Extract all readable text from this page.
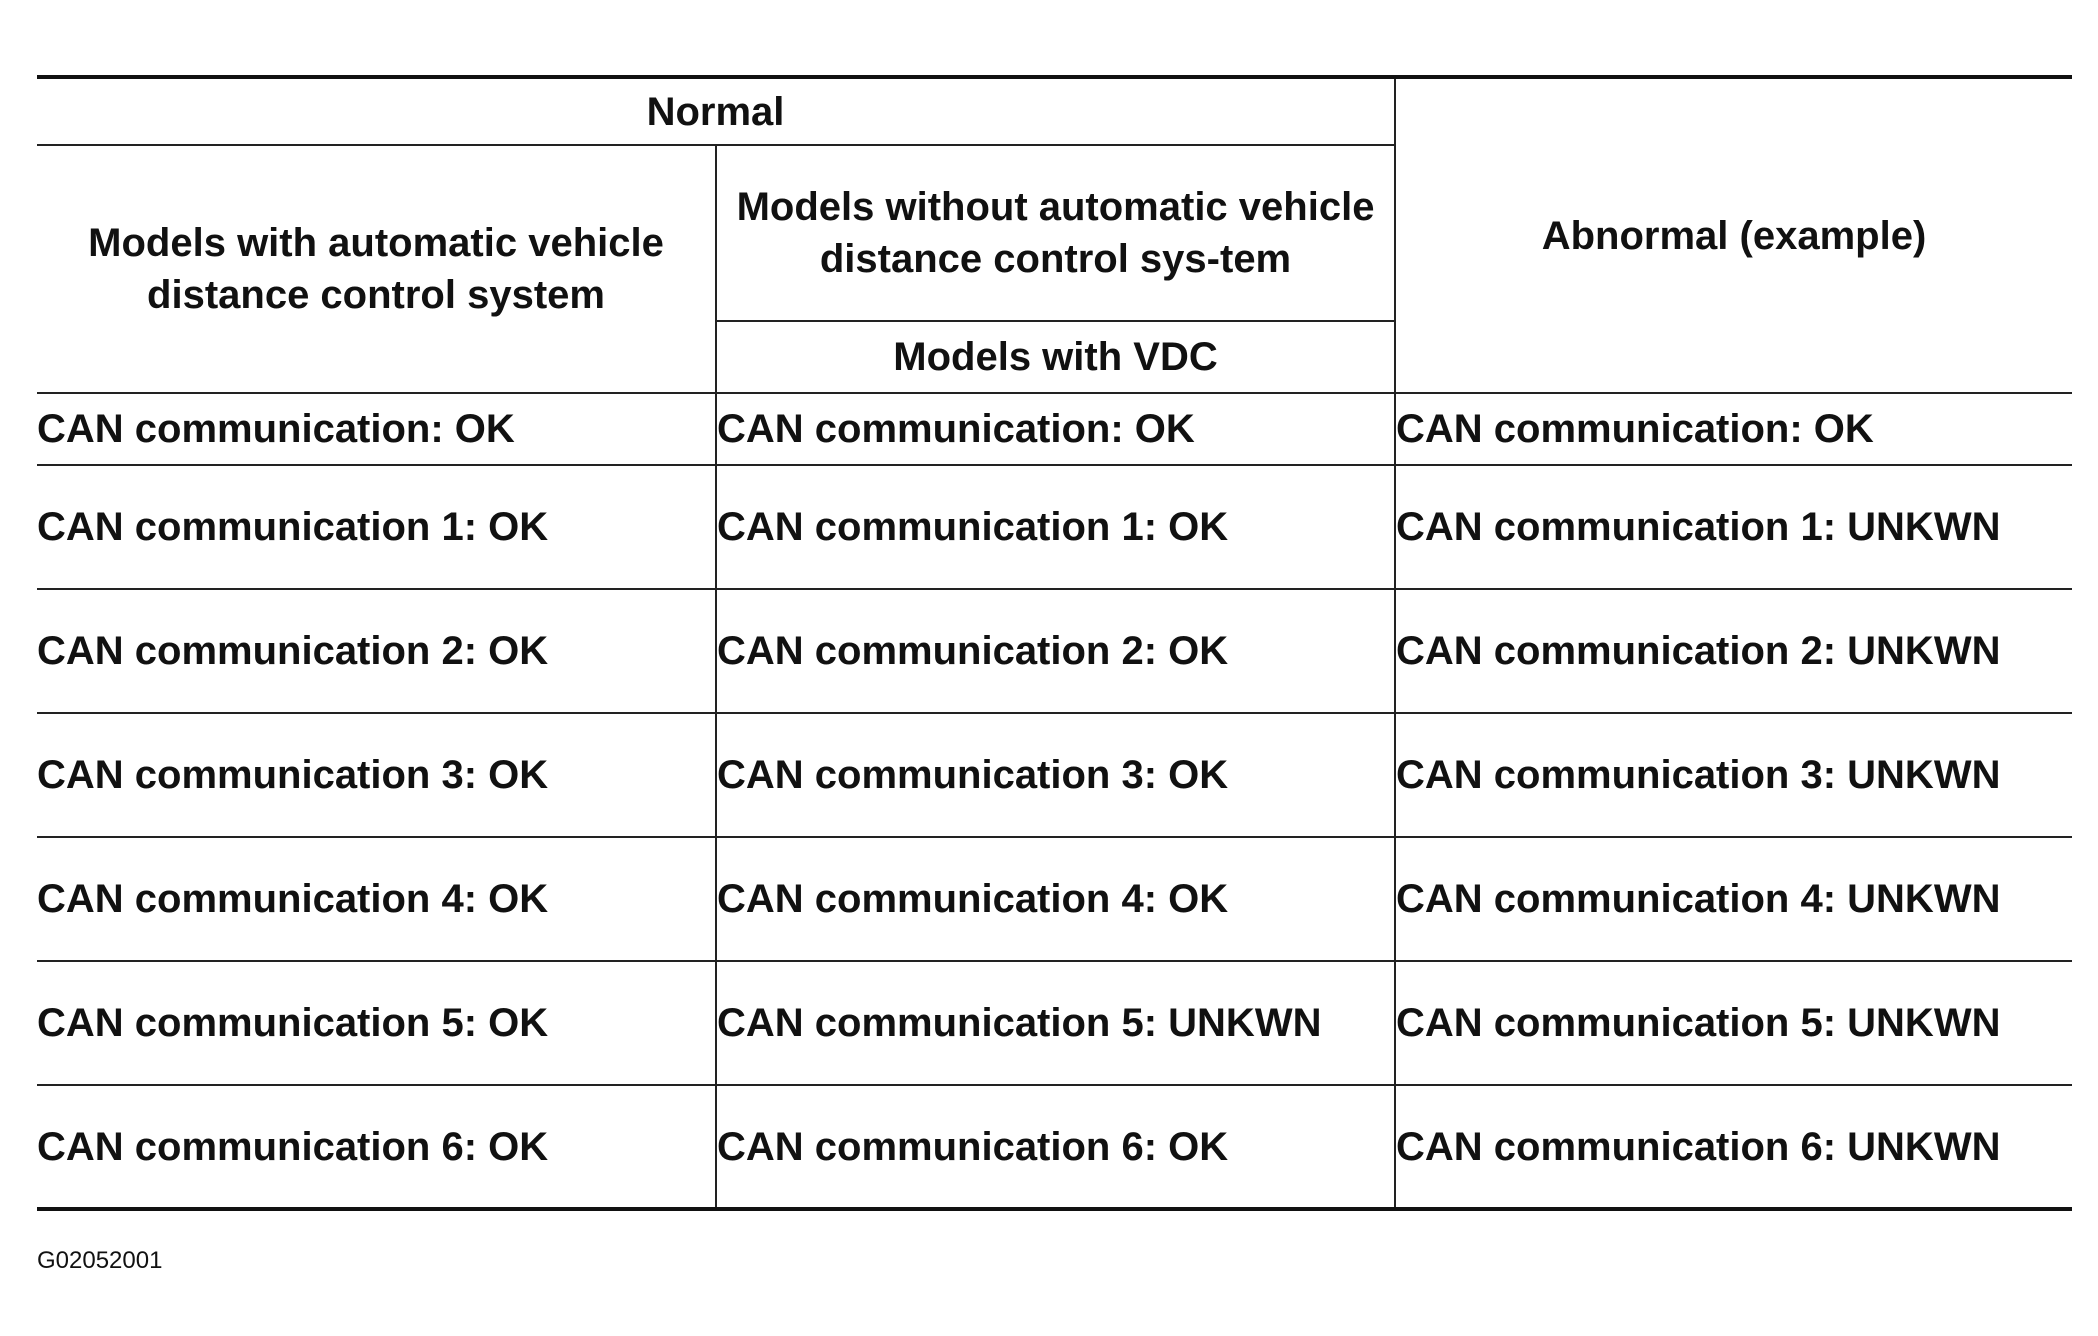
Normal		Abnormal (example)
Models with automatic vehicle distance control system	Models without automatic vehicle distance control sys-tem	
	Models with VDC	
CAN communication: OK	CAN communication: OK	CAN communication: OK
CAN communication 1: OK	CAN communication 1: OK	CAN communication 1: UNKWN
CAN communication 2: OK	CAN communication 2: OK	CAN communication 2: UNKWN
CAN communication 3: OK	CAN communication 3: OK	CAN communication 3: UNKWN
CAN communication 4: OK	CAN communication 4: OK	CAN communication 4: UNKWN
CAN communication 5: OK	CAN communication 5: UNKWN	CAN communication 5: UNKWN
CAN communication 6: OK	CAN communication 6: OK	CAN communication 6: UNKWN
G02052001
